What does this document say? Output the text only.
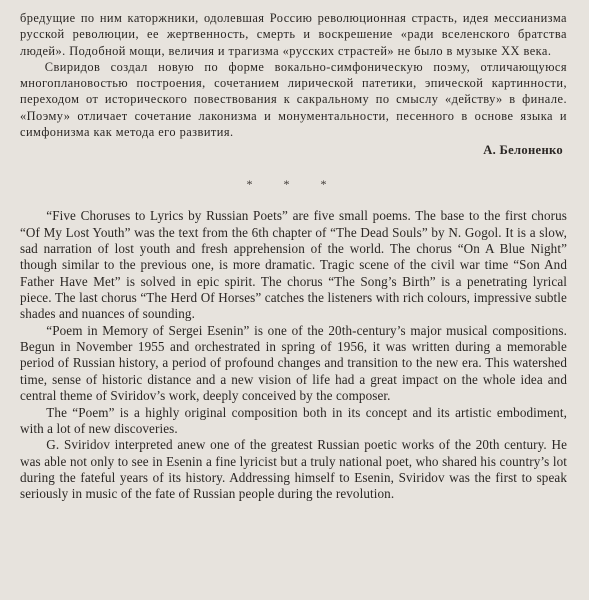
бредущие по ним каторжники, одолевшая Россию революционная страсть, идея мессианизма русской революции, ее жертвенность, смерть и воскрешение «ради вселенского братства людей». Подобной мощи, величия и трагизма «русских страстей» не было в музыке XX века.

Свиридов создал новую по форме вокально-симфоническую поэму, отличающуюся многоплановостью построения, сочетанием лирической патетики, эпической картинности, переходом от исторического повествования к сакральному по смыслу «действу» в финале. «Поэму» отличает сочетание лаконизма и монументальности, песенного в основе языка и симфонизма как метода его развития.

А. Белоненко
* * *

“Five Choruses to Lyrics by Russian Poets” are five small poems. The base to the first chorus “Of My Lost Youth” was the text from the 6th chapter of “The Dead Souls” by N. Gogol. It is a slow, sad narration of lost youth and fresh apprehension of the world. The chorus “On A Blue Night” though similar to the previous one, is more dramatic. Tragic scene of the civil war time “Son And Father Have Met” is solved in epic spirit. The chorus “The Song’s Birth” is a penetrating lyrical piece. The last chorus “The Herd Of Horses” catches the listeners with rich colours, impressive subtle shades and nuances of sounding.

“Poem in Memory of Sergei Esenin” is one of the 20th-century’s major musical compositions. Begun in November 1955 and orchestrated in spring of 1956, it was written during a memorable period of Russian history, a period of profound changes and transition to the new era. This watershed time, sense of historic distance and a new vision of life had a great impact on the whole idea and central theme of Sviridov’s work, deeply conceived by the composer.

The “Poem” is a highly original composition both in its concept and its artistic embodiment, with a lot of new discoveries.

G. Sviridov interpreted anew one of the greatest Russian poetic works of the 20th century. He was able not only to see in Esenin a fine lyricist but a truly national poet, who shared his country’s lot during the fateful years of its history. Addressing himself to Esenin, Sviridov was the first to speak seriously in music of the fate of Russian people during the revolution.
